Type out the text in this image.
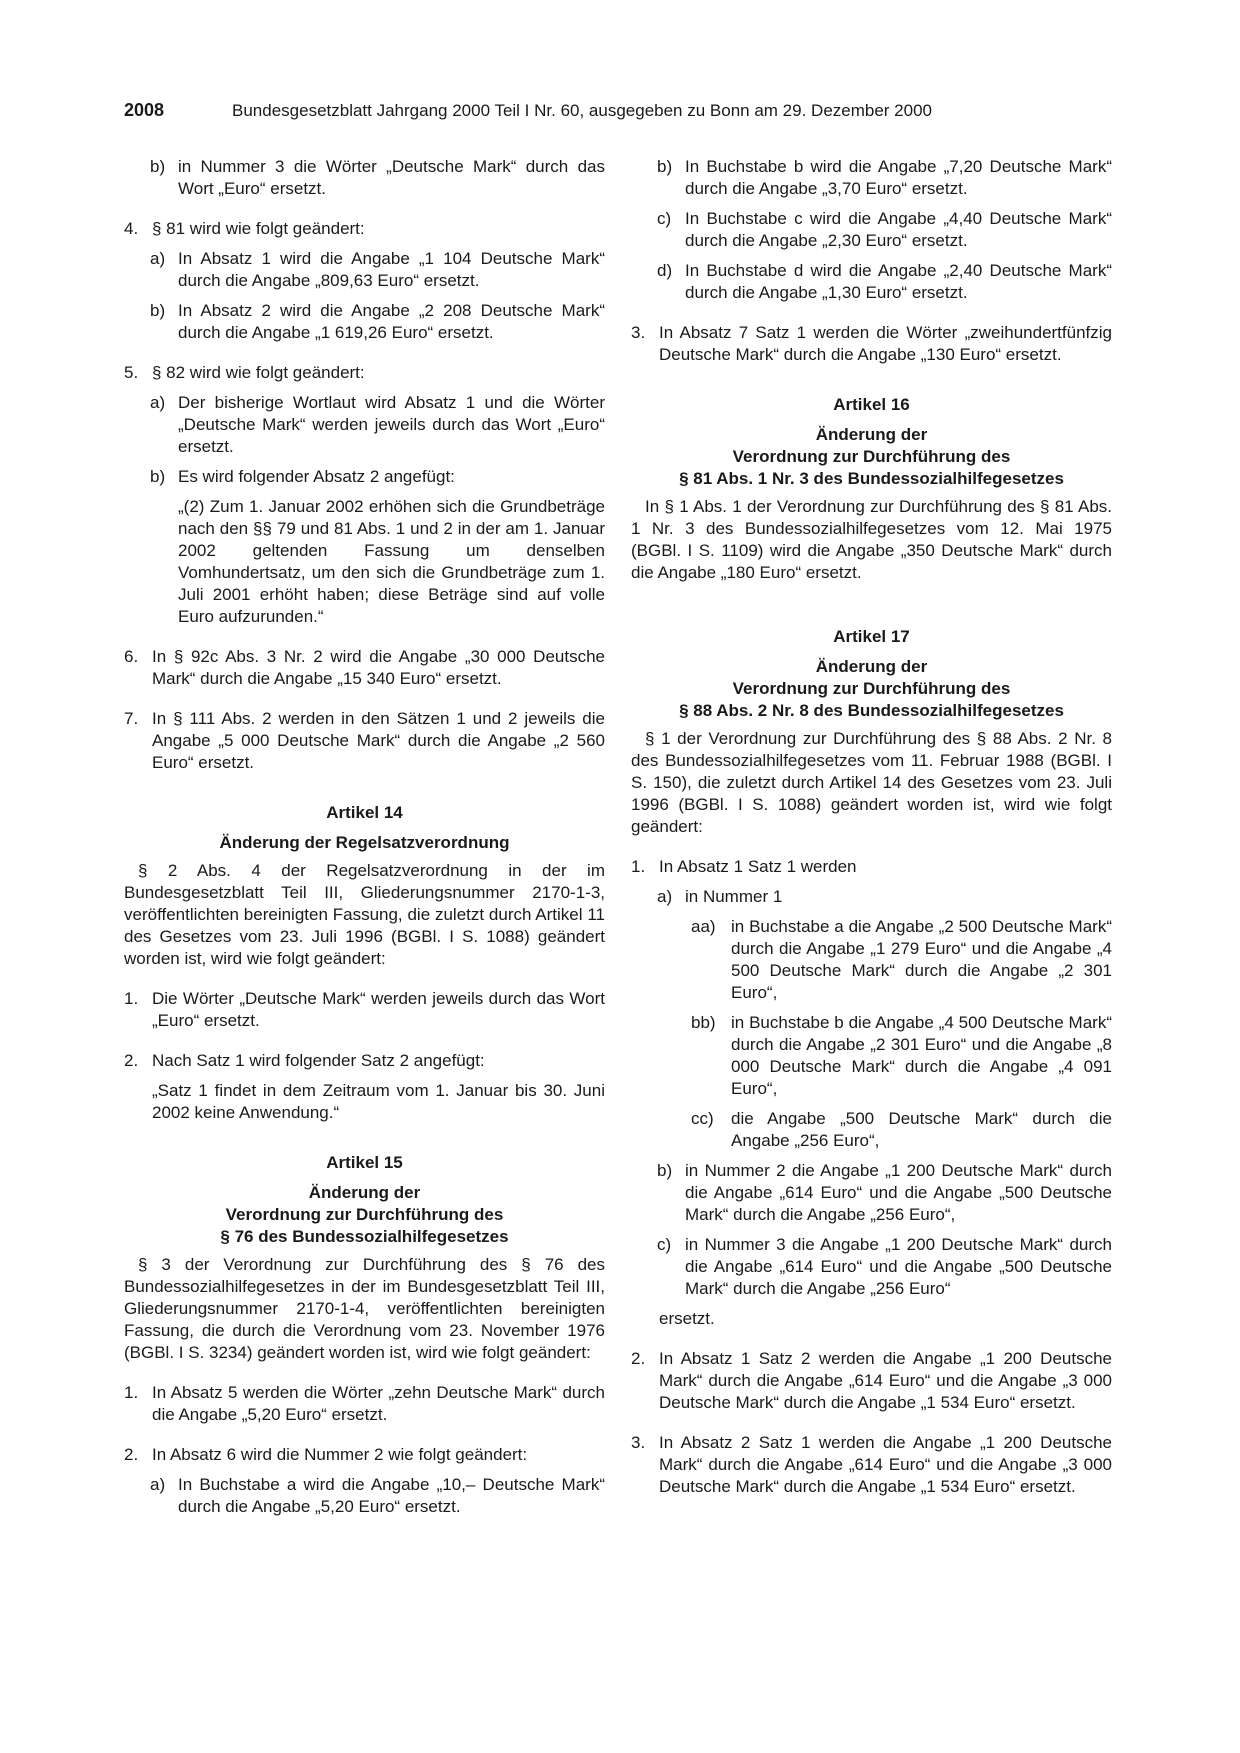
2008	Bundesgesetzblatt Jahrgang 2000 Teil I Nr. 60, ausgegeben zu Bonn am 29. Dezember 2000
b) in Nummer 3 die Wörter „Deutsche Mark“ durch das Wort „Euro“ ersetzt.
4. § 81 wird wie folgt geändert:
a) In Absatz 1 wird die Angabe „1 104 Deutsche Mark“ durch die Angabe „809,63 Euro“ ersetzt.
b) In Absatz 2 wird die Angabe „2 208 Deutsche Mark“ durch die Angabe „1 619,26 Euro“ ersetzt.
5. § 82 wird wie folgt geändert:
a) Der bisherige Wortlaut wird Absatz 1 und die Wörter „Deutsche Mark“ werden jeweils durch das Wort „Euro“ ersetzt.
b) Es wird folgender Absatz 2 angefügt:
„(2) Zum 1. Januar 2002 erhöhen sich die Grundbeträge nach den §§ 79 und 81 Abs. 1 und 2 in der am 1. Januar 2002 geltenden Fassung um denselben Vomhundertsatz, um den sich die Grundbeträge zum 1. Juli 2001 erhöht haben; diese Beträge sind auf volle Euro aufzurunden.“
6. In § 92c Abs. 3 Nr. 2 wird die Angabe „30 000 Deutsche Mark“ durch die Angabe „15 340 Euro“ ersetzt.
7. In § 111 Abs. 2 werden in den Sätzen 1 und 2 jeweils die Angabe „5 000 Deutsche Mark“ durch die Angabe „2 560 Euro“ ersetzt.
Artikel 14
Änderung der Regelsatzverordnung
§ 2 Abs. 4 der Regelsatzverordnung in der im Bundesgesetzblatt Teil III, Gliederungsnummer 2170-1-3, veröffentlichten bereinigten Fassung, die zuletzt durch Artikel 11 des Gesetzes vom 23. Juli 1996 (BGBl. I S. 1088) geändert worden ist, wird wie folgt geändert:
1. Die Wörter „Deutsche Mark“ werden jeweils durch das Wort „Euro“ ersetzt.
2. Nach Satz 1 wird folgender Satz 2 angefügt:
„Satz 1 findet in dem Zeitraum vom 1. Januar bis 30. Juni 2002 keine Anwendung.“
Artikel 15
Änderung der
Verordnung zur Durchführung des
§ 76 des Bundessozialhilfegesetzes
§ 3 der Verordnung zur Durchführung des § 76 des Bundessozialhilfegesetzes in der im Bundesgesetzblatt Teil III, Gliederungsnummer 2170-1-4, veröffentlichten bereinigten Fassung, die durch die Verordnung vom 23. November 1976 (BGBl. I S. 3234) geändert worden ist, wird wie folgt geändert:
1. In Absatz 5 werden die Wörter „zehn Deutsche Mark“ durch die Angabe „5,20 Euro“ ersetzt.
2. In Absatz 6 wird die Nummer 2 wie folgt geändert:
a) In Buchstabe a wird die Angabe „10,– Deutsche Mark“ durch die Angabe „5,20 Euro“ ersetzt.
b) In Buchstabe b wird die Angabe „7,20 Deutsche Mark“ durch die Angabe „3,70 Euro“ ersetzt.
c) In Buchstabe c wird die Angabe „4,40 Deutsche Mark“ durch die Angabe „2,30 Euro“ ersetzt.
d) In Buchstabe d wird die Angabe „2,40 Deutsche Mark“ durch die Angabe „1,30 Euro“ ersetzt.
3. In Absatz 7 Satz 1 werden die Wörter „zweihundertfünfzig Deutsche Mark“ durch die Angabe „130 Euro“ ersetzt.
Artikel 16
Änderung der
Verordnung zur Durchführung des
§ 81 Abs. 1 Nr. 3 des Bundessozialhilfegesetzes
In § 1 Abs. 1 der Verordnung zur Durchführung des § 81 Abs. 1 Nr. 3 des Bundessozialhilfegesetzes vom 12. Mai 1975 (BGBl. I S. 1109) wird die Angabe „350 Deutsche Mark“ durch die Angabe „180 Euro“ ersetzt.
Artikel 17
Änderung der
Verordnung zur Durchführung des
§ 88 Abs. 2 Nr. 8 des Bundessozialhilfegesetzes
§ 1 der Verordnung zur Durchführung des § 88 Abs. 2 Nr. 8 des Bundessozialhilfegesetzes vom 11. Februar 1988 (BGBl. I S. 150), die zuletzt durch Artikel 14 des Gesetzes vom 23. Juli 1996 (BGBl. I S. 1088) geändert worden ist, wird wie folgt geändert:
1. In Absatz 1 Satz 1 werden
a) in Nummer 1
aa) in Buchstabe a die Angabe „2 500 Deutsche Mark“ durch die Angabe „1 279 Euro“ und die Angabe „4 500 Deutsche Mark“ durch die Angabe „2 301 Euro“,
bb) in Buchstabe b die Angabe „4 500 Deutsche Mark“ durch die Angabe „2 301 Euro“ und die Angabe „8 000 Deutsche Mark“ durch die Angabe „4 091 Euro“,
cc) die Angabe „500 Deutsche Mark“ durch die Angabe „256 Euro“,
b) in Nummer 2 die Angabe „1 200 Deutsche Mark“ durch die Angabe „614 Euro“ und die Angabe „500 Deutsche Mark“ durch die Angabe „256 Euro“,
c) in Nummer 3 die Angabe „1 200 Deutsche Mark“ durch die Angabe „614 Euro“ und die Angabe „500 Deutsche Mark“ durch die Angabe „256 Euro“
ersetzt.
2. In Absatz 1 Satz 2 werden die Angabe „1 200 Deutsche Mark“ durch die Angabe „614 Euro“ und die Angabe „3 000 Deutsche Mark“ durch die Angabe „1 534 Euro“ ersetzt.
3. In Absatz 2 Satz 1 werden die Angabe „1 200 Deutsche Mark“ durch die Angabe „614 Euro“ und die Angabe „3 000 Deutsche Mark“ durch die Angabe „1 534 Euro“ ersetzt.
